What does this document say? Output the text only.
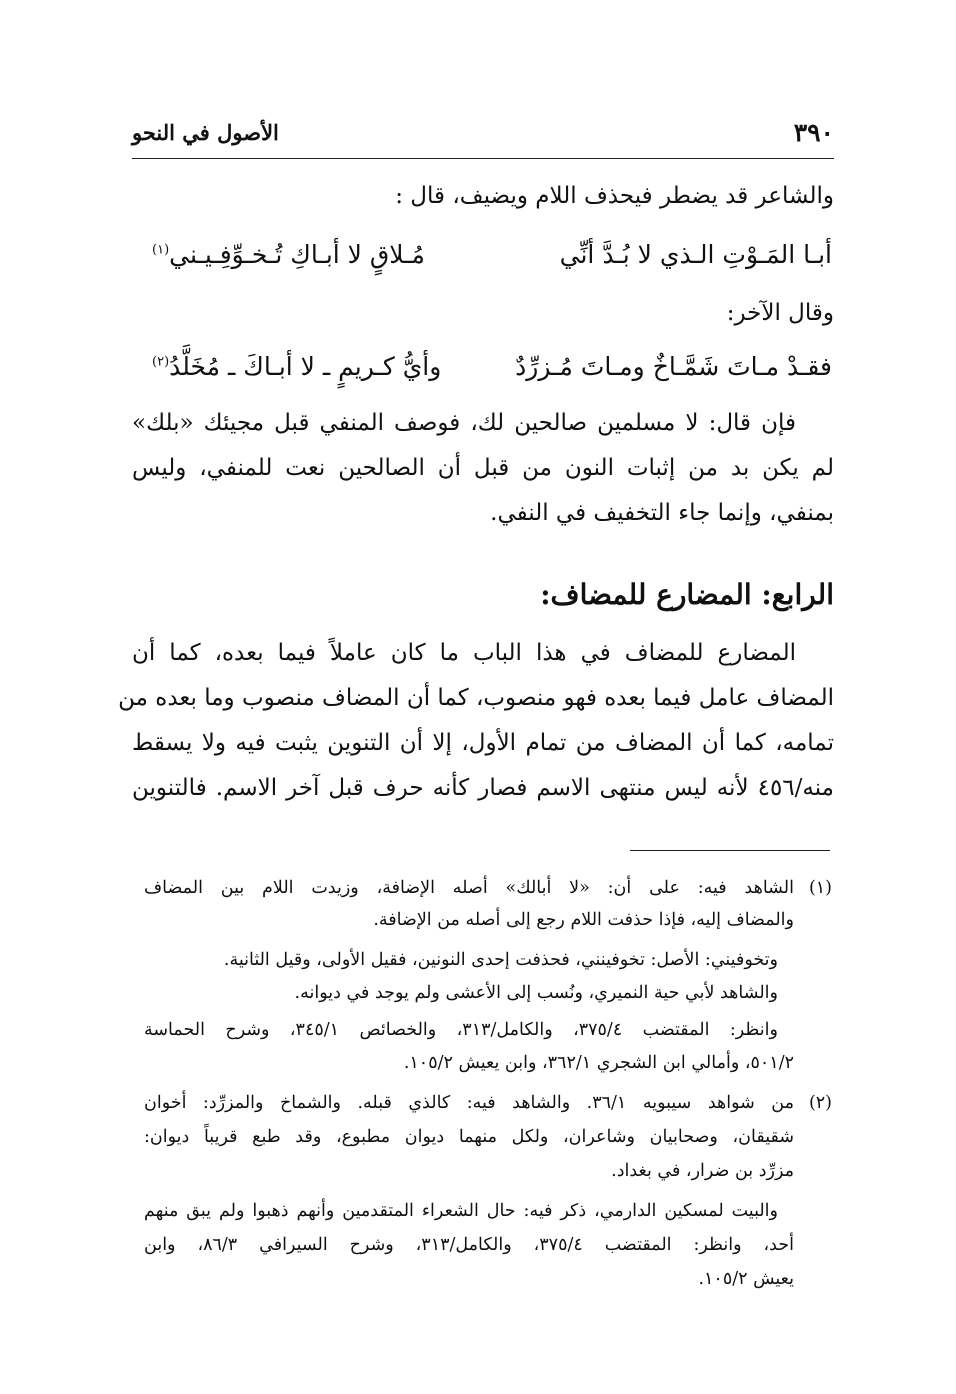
٣٩٠
الأصول في النحو
والشاعر قد يضطر فيحذف اللام ويضيف، قال :
أبـا المَـوْتِ الـذي لا بُـدَّ أنِّي
مُـلاقٍ لا أبـاكِ تُـخـوِّفِـيـني$^{(١)}$
وقال الآخر:
فقـدْ مـاتَ شَمَّـاخٌ ومـاتَ مُـزرِّدٌ
وأيُّ كـريمٍ ـ لا أبـاكَ ـ مُخَلَّدُ$^{(٢)}$
فإن قال: لا مسلمين صالحين لك، فوصف المنفي قبل مجيئك «بلك»
لم يكن بد من إثبات النون من قبل أن الصالحين نعت للمنفي، وليس
بمنفي، وإنما جاء التخفيف في النفي.
الرابع: المضارع للمضاف:
المضارع للمضاف في هذا الباب ما كان عاملاً فيما بعده، كما أن
المضاف عامل فيما بعده فهو منصوب، كما أن المضاف منصوب وما بعده من
تمامه، كما أن المضاف من تمام الأول، إلا أن التنوين يثبت فيه ولا يسقط
منه/٤٥٦ لأنه ليس منتهى الاسم فصار كأنه حرف قبل آخر الاسم. فالتنوين
(١)
الشاهد فيه: على أن: «لا أبالك» أصله الإضافة، وزيدت اللام بين المضاف
والمضاف إليه، فإذا حذفت اللام رجع إلى أصله من الإضافة.
وتخوفيني: الأصل: تخوفينني، فحذفت إحدى النونين، فقيل الأولى، وقيل الثانية.
والشاهد لأبي حية النميري، ونُسب إلى الأعشى ولم يوجد في ديوانه.
وانظر: المقتضب ٣٧٥/٤، والكامل/٣١٣، والخصائص ٣٤٥/١، وشرح الحماسة
٥٠١/٢، وأمالي ابن الشجري ٣٦٢/١، وابن يعيش ١٠٥/٢.
(٢)
من شواهد سيبويه ٣٦/١. والشاهد فيه: كالذي قبله. والشماخ والمزرِّد: أخوان
شقيقان، وصحابيان وشاعران، ولكل منهما ديوان مطبوع، وقد طبع قريباً ديوان:
مزرِّد بن ضرار، في بغداد.
والبيت لمسكين الدارمي، ذكر فيه: حال الشعراء المتقدمين وأنهم ذهبوا ولم يبق منهم
أحد، وانظر: المقتضب ٣٧٥/٤، والكامل/٣١٣، وشرح السيرافي ٨٦/٣، وابن
يعيش ١٠٥/٢.
